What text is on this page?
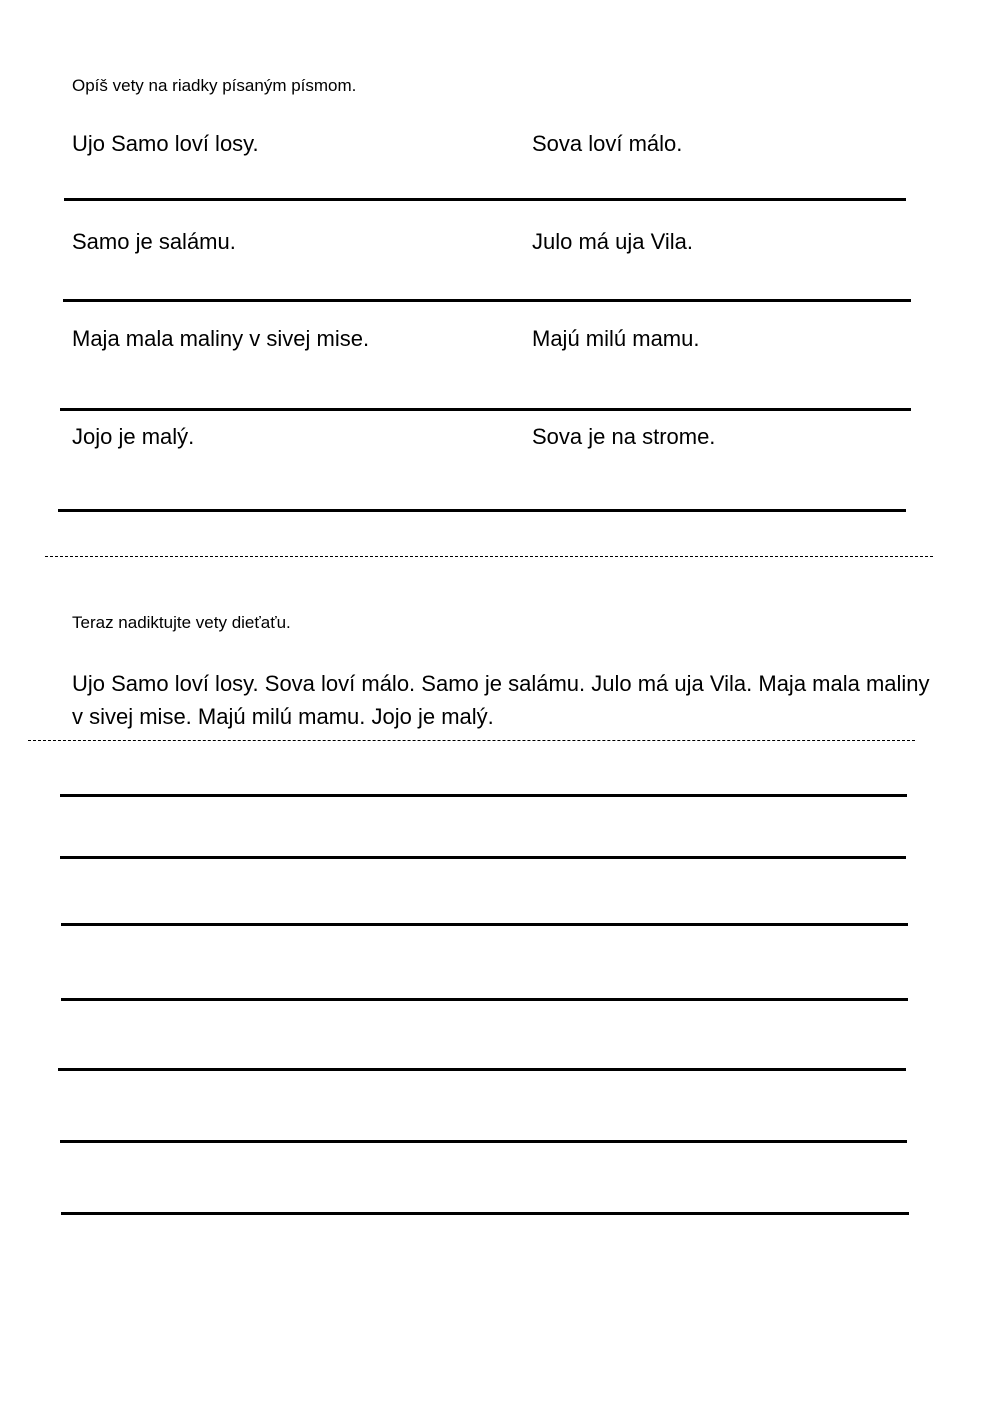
Opíš vety na riadky písaným písmom.
Ujo Samo loví losy.	Sova loví málo.
Samo je salámu.	Julo má uja Vila.
Maja mala maliny v sivej mise.	Majú milú mamu.
Jojo je malý.	Sova je na strome.
Teraz nadiktujte vety dieťaťu.
Ujo Samo loví losy. Sova loví málo. Samo je salámu. Julo má uja Vila. Maja mala maliny v sivej mise. Majú milú mamu. Jojo je malý.
